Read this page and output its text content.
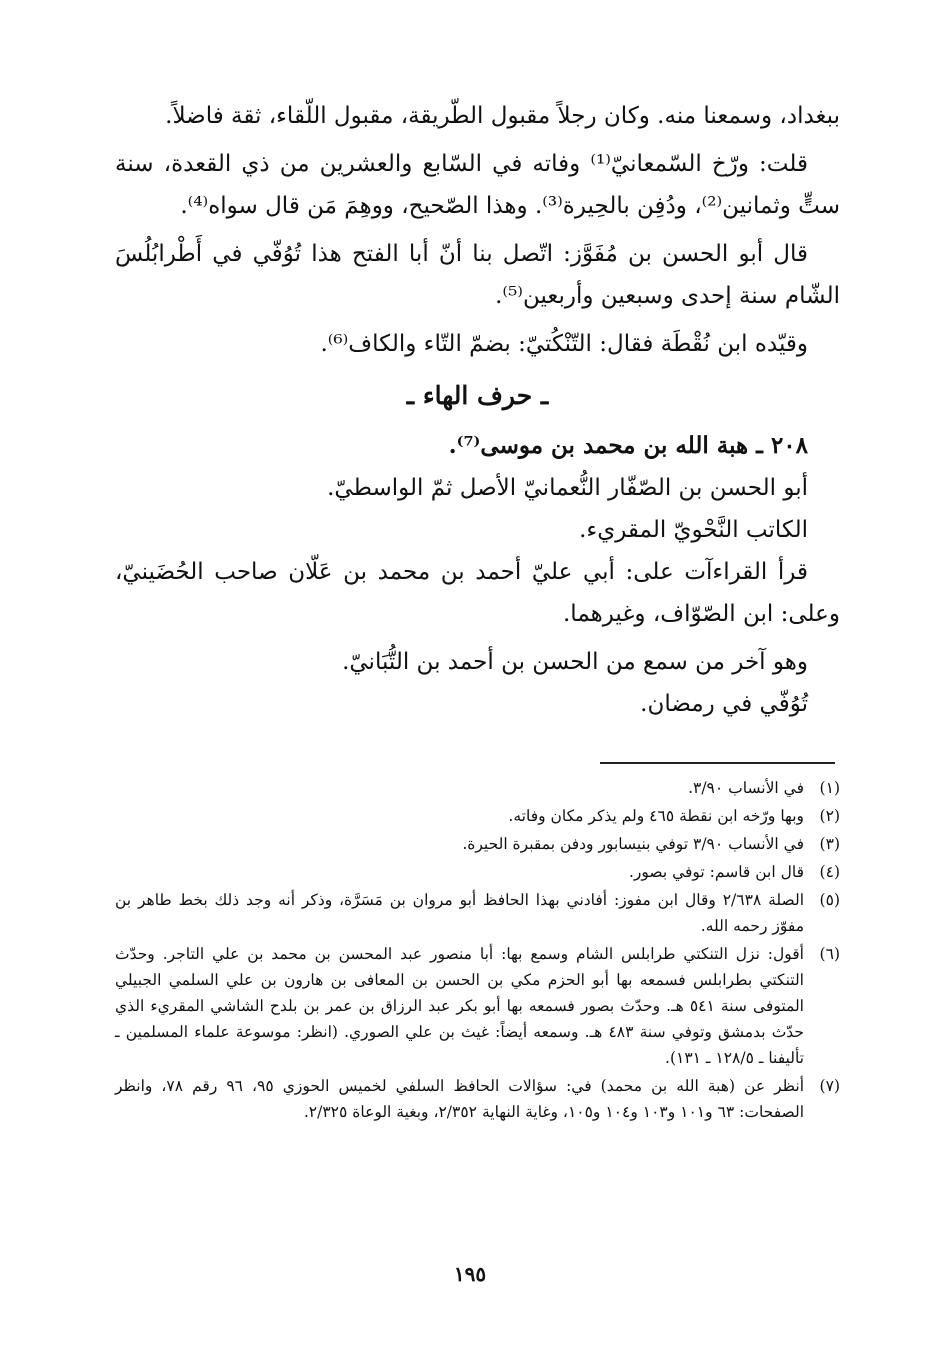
ببغداد، وسمعنا منه. وكان رجلاً مقبول الطّريقة، مقبول اللّقاء، ثقة فاضلاً.

قلت: ورّخ السّمعانيّ⁽¹⁾ وفاته في السّابع والعشرين من ذي القعدة، سنة ستٍّ وثمانين⁽²⁾، ودُفِن بالحِيرة⁽³⁾. وهذا الصّحيح، ووهِمَ مَن قال سواه⁽⁴⁾.

قال أبو الحسن بن مُفَوَّز: اتّصل بنا أنّ أبا الفتح هذا تُوُفّي في أَطْرابُلُسَ الشّام سنة إحدى وسبعين وأربعين⁽⁵⁾.

وقيّده ابن نُقْطَة فقال: التّنْكُتيّ: بضمّ التّاء والكاف⁽⁶⁾.

ـ حرف الهاء ـ

٢٠٨ ـ هبة الله بن محمد بن موسى⁽⁷⁾.

أبو الحسن بن الصّفّار النُّعمانيّ الأصل ثمّ الواسطيّ.

الكاتب النَّحْويّ المقريء.

قرأ القراءآت على: أبي عليّ أحمد بن محمد بن عَلّان صاحب الحُضَينيّ، وعلى: ابن الصّوّاف، وغيرهما.

وهو آخر من سمع من الحسن بن أحمد بن التُّبَانيّ.

تُوُفّي في رمضان.

(١)
في الأنساب ٣/٩٠.
(٢)
وبها ورّخه ابن نقطة ٤٦٥ ولم يذكر مكان وفاته.
(٣)
في الأنساب ٣/٩٠ توفي بنيسابور ودفن بمقبرة الحيرة.
(٤)
قال ابن قاسم: توفي بصور.
(٥)
الصلة ٢/٦٣٨ وقال ابن مفوز: أفادني بهذا الحافظ أبو مروان بن مَسَرَّة، وذكر أنه وجد ذلك بخط طاهر بن مفوّز رحمه الله.
(٦)
أقول: نزل التنكتي طرابلس الشام وسمع بها: أبا منصور عبد المحسن بن محمد بن علي التاجر. وحدّث التنكتي بطرابلس فسمعه بها أبو الحزم مكي بن الحسن بن المعافى بن هارون بن علي السلمي الجبيلي المتوفى سنة ٥٤١ هـ. وحدّث بصور فسمعه بها أبو بكر عبد الرزاق بن عمر بن بلدح الشاشي المقريء الذي حدّث بدمشق وتوفي سنة ٤٨٣ هـ. وسمعه أيضاً: غيث بن علي الصوري. (انظر: موسوعة علماء المسلمين ـ تأليفنا ـ ١٢٨/٥ ـ ١٣١).
(٧)
أنظر عن (هبة الله بن محمد) في: سؤالات الحافظ السلفي لخميس الحوزي ٩٥، ٩٦ رقم ٧٨، وانظر الصفحات: ٦٣ و١٠١ و١٠٣ و١٠٤ و١٠٥، وغاية النهاية ٢/٣٥٢، وبغية الوعاة ٢/٣٢٥.
١٩٥
